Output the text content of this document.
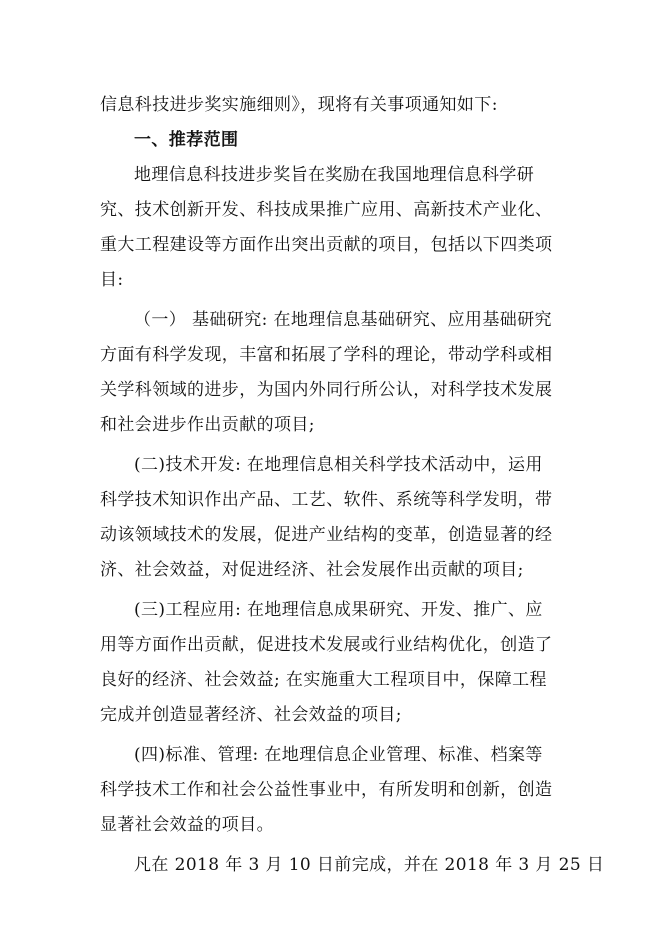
信息科技进步奖实施细则》，现将有关事项通知如下:
一、推荐范围
地理信息科技进步奖旨在奖励在我国地理信息科学研
究、技术创新开发、科技成果推广应用、高新技术产业化、
重大工程建设等方面作出突出贡献的项目，包括以下四类项
目:
（一） 基础研究: 在地理信息基础研究、应用基础研究
方面有科学发现，丰富和拓展了学科的理论，带动学科或相
关学科领域的进步，为国内外同行所公认，对科学技术发展
和社会进步作出贡献的项目;
(二)技术开发: 在地理信息相关科学技术活动中，运用
科学技术知识作出产品、工艺、软件、系统等科学发明，带
动该领域技术的发展，促进产业结构的变革，创造显著的经
济、社会效益，对促进经济、社会发展作出贡献的项目;
(三)工程应用: 在地理信息成果研究、开发、推广、应
用等方面作出贡献，促进技术发展或行业结构优化，创造了
良好的经济、社会效益; 在实施重大工程项目中，保障工程
完成并创造显著经济、社会效益的项目;
(四)标准、管理: 在地理信息企业管理、标准、档案等
科学技术工作和社会公益性事业中，有所发明和创新，创造
显著社会效益的项目。
凡在 2018 年 3 月 10 日前完成，并在 2018 年 3 月 25 日
